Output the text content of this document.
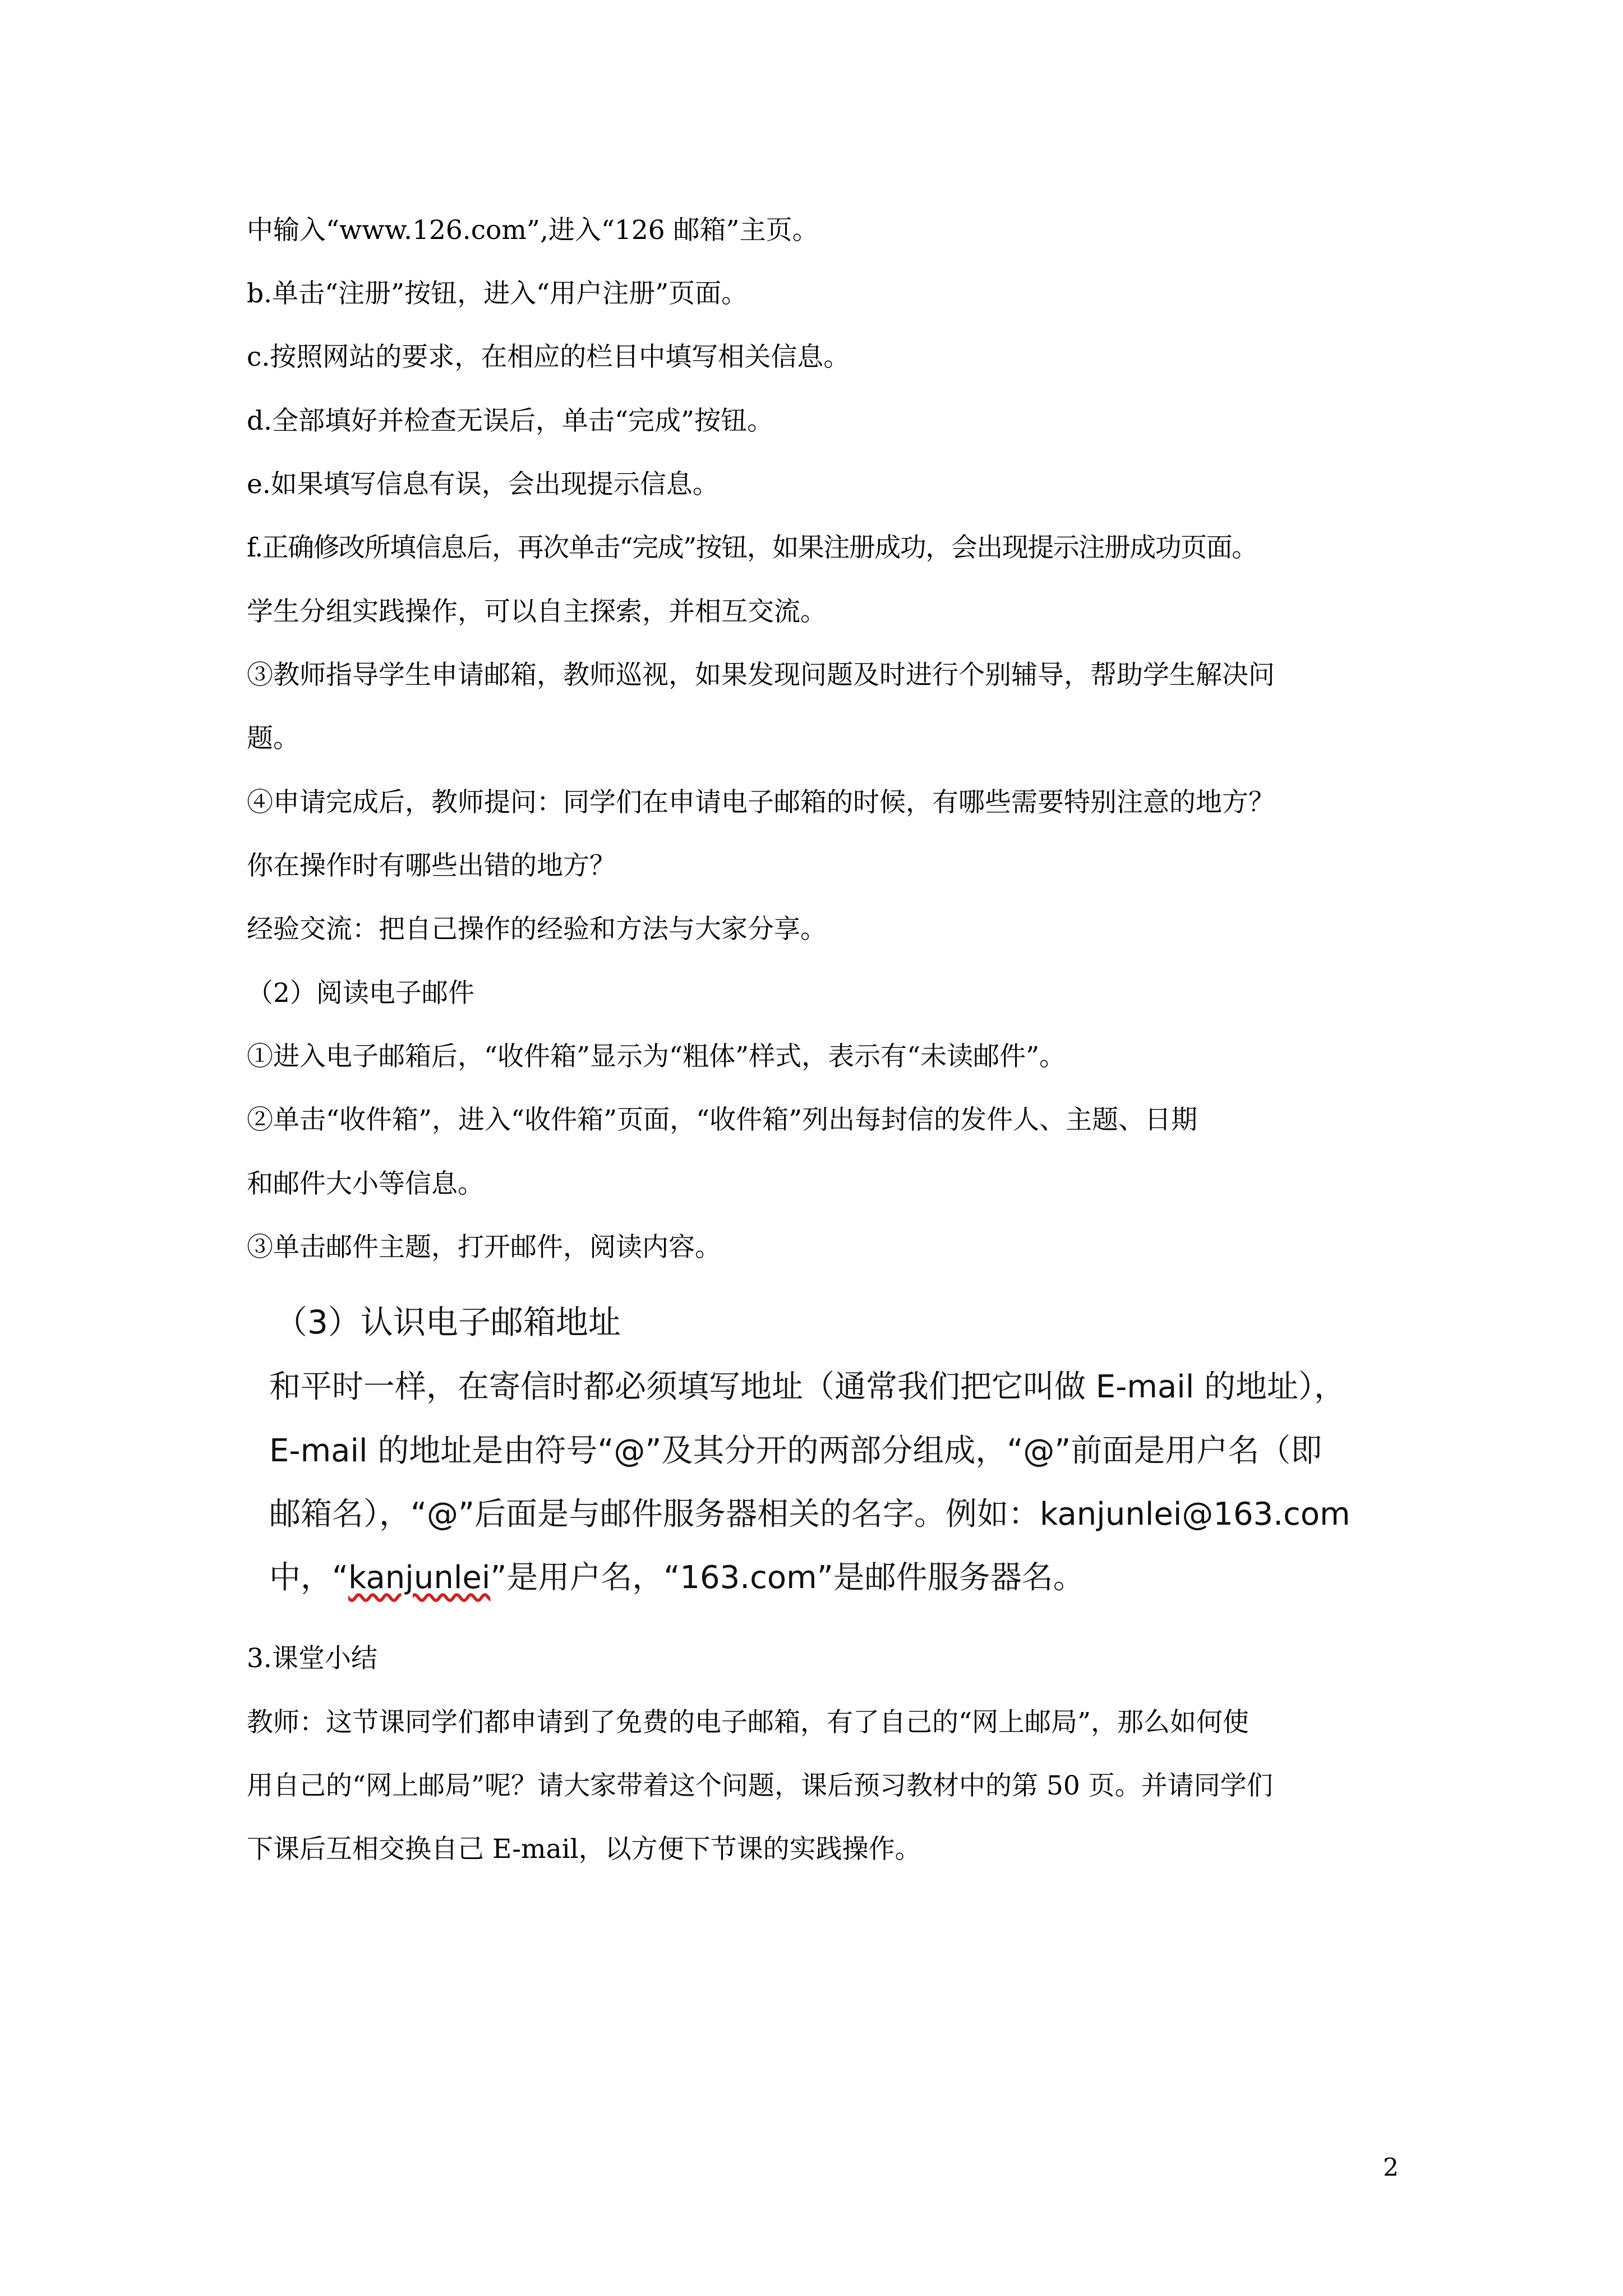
中输入“www.126.com”,进入“126 邮箱”主页。
b.单击“注册”按钮，进入“用户注册”页面。
c.按照网站的要求，在相应的栏目中填写相关信息。
d.全部填好并检查无误后，单击“完成”按钮。
e.如果填写信息有误，会出现提示信息。
f.正确修改所填信息后，再次单击“完成”按钮，如果注册成功，会出现提示注册成功页面。
学生分组实践操作，可以自主探索，并相互交流。
③教师指导学生申请邮箱，教师巡视，如果发现问题及时进行个别辅导，帮助学生解决问
题。
④申请完成后，教师提问：同学们在申请电子邮箱的时候，有哪些需要特别注意的地方？
你在操作时有哪些出错的地方？
经验交流：把自己操作的经验和方法与大家分享。
（2）阅读电子邮件
①进入电子邮箱后，“收件箱”显示为“粗体”样式，表示有“未读邮件”。
②单击“收件箱”，进入“收件箱”页面，“收件箱”列出每封信的发件人、主题、日期
和邮件大小等信息。
③单击邮件主题，打开邮件，阅读内容。
（3）认识电子邮箱地址
和平时一样，在寄信时都必须填写地址（通常我们把它叫做 E-mail 的地址），
E-mail 的地址是由符号“@”及其分开的两部分组成，“@”前面是用户名（即
邮箱名），“@”后面是与邮件服务器相关的名字。例如：kanjunlei@163.com
中，“kanjunlei”是用户名，“163.com”是邮件服务器名。
3.课堂小结
教师：这节课同学们都申请到了免费的电子邮箱，有了自己的“网上邮局”，那么如何使
用自己的“网上邮局”呢？请大家带着这个问题，课后预习教材中的第 50 页。并请同学们
下课后互相交换自己 E-mail，以方便下节课的实践操作。
2
